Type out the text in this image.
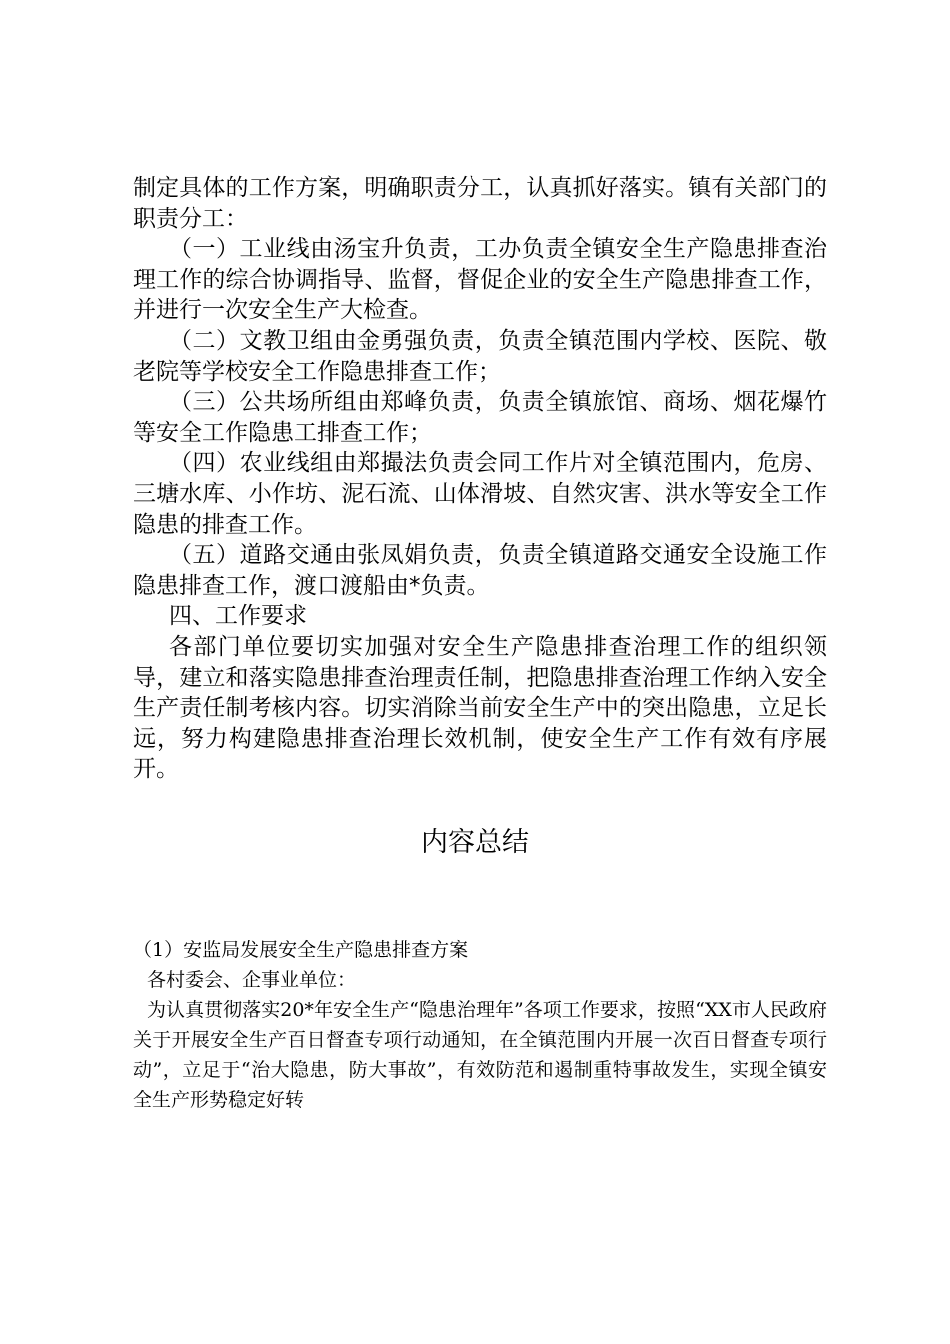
制定具体的工作方案，明确职责分工，认真抓好落实。镇有关部门的职责分工：

（一）工业线由汤宝升负责，工办负责全镇安全生产隐患排查治理工作的综合协调指导、监督，督促企业的安全生产隐患排查工作，并进行一次安全生产大检查。

（二）文教卫组由金勇强负责，负责全镇范围内学校、医院、敬老院等学校安全工作隐患排查工作；

（三）公共场所组由郑峰负责，负责全镇旅馆、商场、烟花爆竹等安全工作隐患工排查工作；

（四）农业线组由郑撮法负责会同工作片对全镇范围内，危房、三塘水库、小作坊、泥石流、山体滑坡、自然灾害、洪水等安全工作隐患的排查工作。

（五）道路交通由张凤娟负责，负责全镇道路交通安全设施工作隐患排查工作，渡口渡船由*负责。

四、工作要求

各部门单位要切实加强对安全生产隐患排查治理工作的组织领导，建立和落实隐患排查治理责任制，把隐患排查治理工作纳入安全生产责任制考核内容。切实消除当前安全生产中的突出隐患，立足长远，努力构建隐患排查治理长效机制，使安全生产工作有效有序展开。

内容总结

（1）安监局发展安全生产隐患排查方案

各村委会、企事业单位：

为认真贯彻落实20*年安全生产“隐患治理年”各项工作要求，按照“XX市人民政府关于开展安全生产百日督查专项行动通知，在全镇范围内开展一次百日督查专项行动”，立足于“治大隐患，防大事故”，有效防范和遏制重特事故发生，实现全镇安全生产形势稳定好转
